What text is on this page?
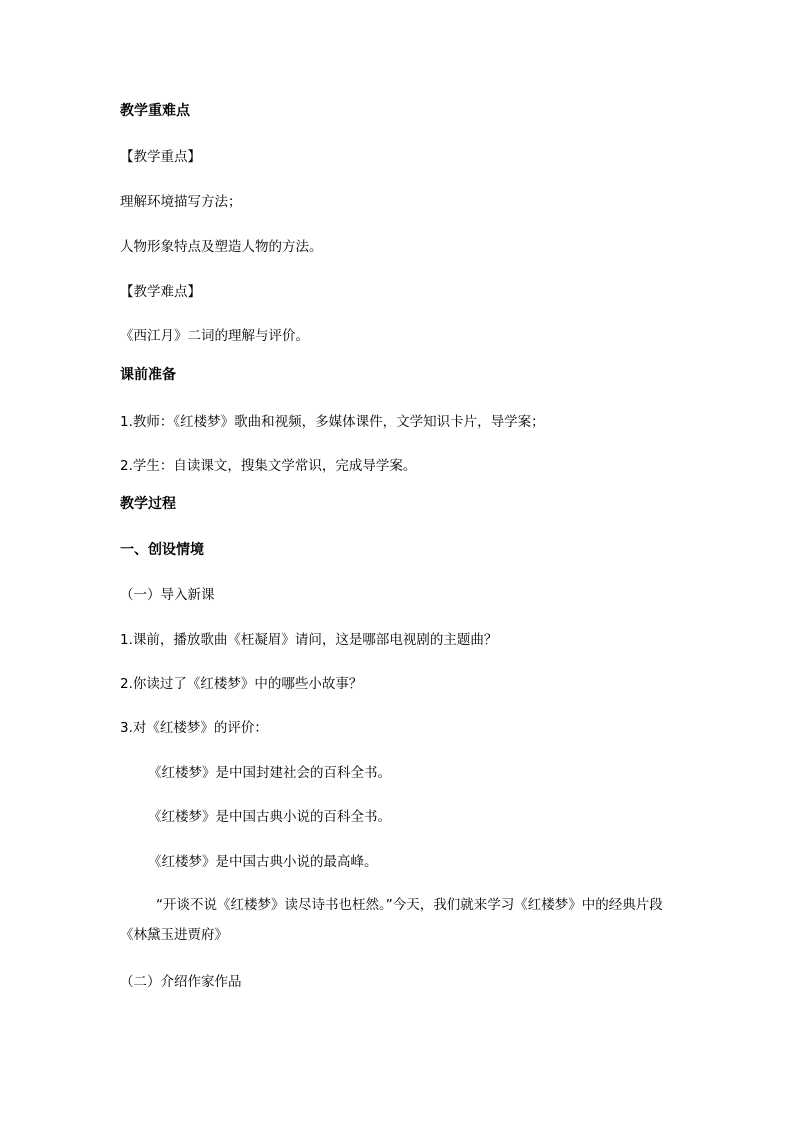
教学重难点
【教学重点】
理解环境描写方法；
人物形象特点及塑造人物的方法。
【教学难点】
《西江月》二词的理解与评价。
课前准备
1.教师：《红楼梦》歌曲和视频，多媒体课件，文学知识卡片，导学案；
2.学生：自读课文，搜集文学常识，完成导学案。
教学过程
一、创设情境
（一）导入新课
1.课前，播放歌曲《枉凝眉》请问，这是哪部电视剧的主题曲？
2.你读过了《红楼梦》中的哪些小故事？
3.对《红楼梦》的评价：
《红楼梦》是中国封建社会的百科全书。
《红楼梦》是中国古典小说的百科全书。
《红楼梦》是中国古典小说的最高峰。
“开谈不说《红楼梦》读尽诗书也枉然。”今天，我们就来学习《红楼梦》中的经典片段《林黛玉进贾府》
（二）介绍作家作品
